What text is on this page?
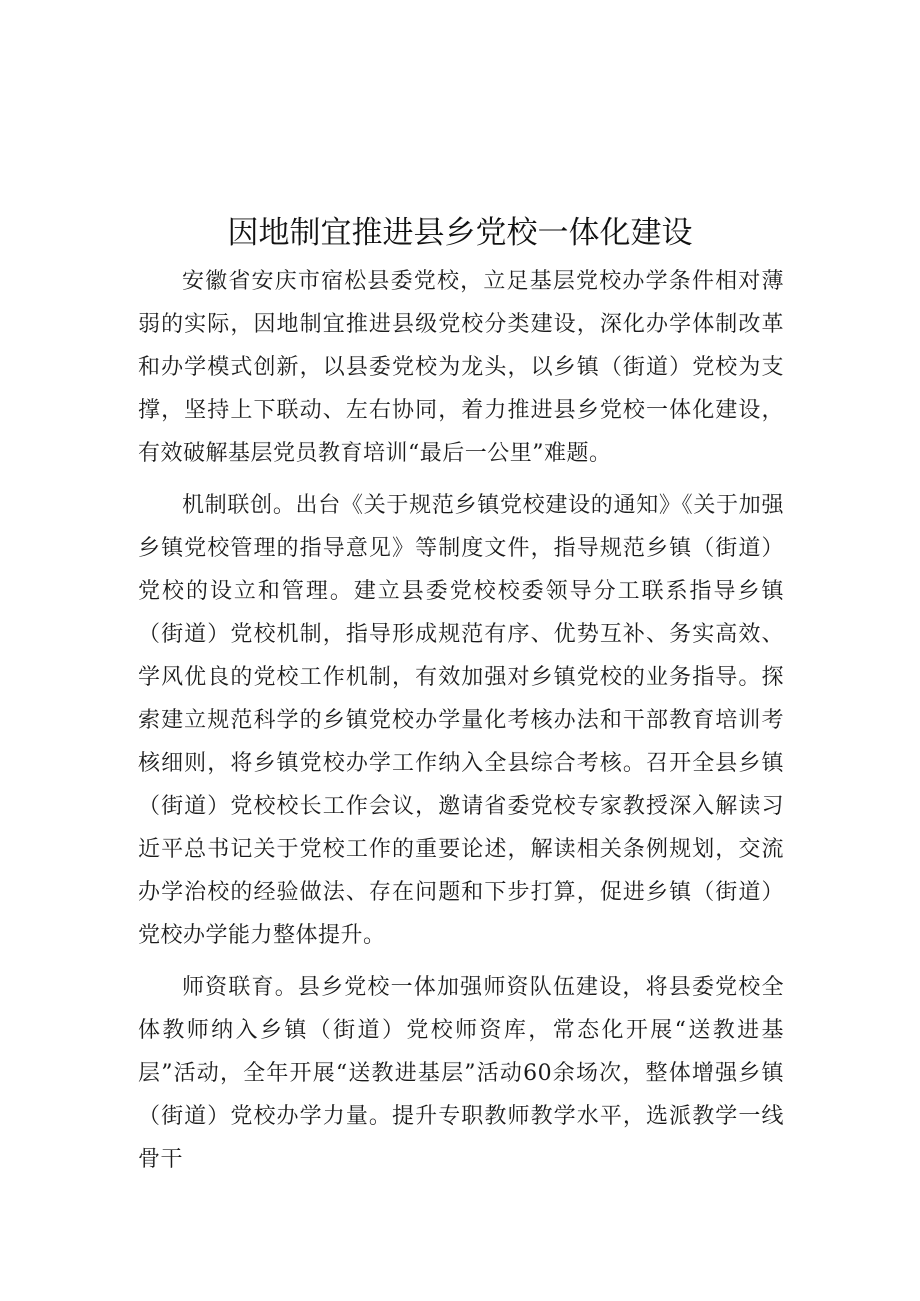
因地制宜推进县乡党校一体化建设

安徽省安庆市宿松县委党校，立足基层党校办学条件相对薄弱的实际，因地制宜推进县级党校分类建设，深化办学体制改革和办学模式创新，以县委党校为龙头，以乡镇（街道）党校为支撑，坚持上下联动、左右协同，着力推进县乡党校一体化建设，有效破解基层党员教育培训“最后一公里”难题。

机制联创。出台《关于规范乡镇党校建设的通知》《关于加强乡镇党校管理的指导意见》等制度文件，指导规范乡镇（街道）党校的设立和管理。建立县委党校校委领导分工联系指导乡镇（街道）党校机制，指导形成规范有序、优势互补、务实高效、学风优良的党校工作机制，有效加强对乡镇党校的业务指导。探索建立规范科学的乡镇党校办学量化考核办法和干部教育培训考核细则，将乡镇党校办学工作纳入全县综合考核。召开全县乡镇（街道）党校校长工作会议，邀请省委党校专家教授深入解读习近平总书记关于党校工作的重要论述，解读相关条例规划，交流办学治校的经验做法、存在问题和下步打算，促进乡镇（街道）党校办学能力整体提升。

师资联育。县乡党校一体加强师资队伍建设，将县委党校全体教师纳入乡镇（街道）党校师资库，常态化开展“送教进基层”活动，全年开展“送教进基层”活动60余场次，整体增强乡镇（街道）党校办学力量。提升专职教师教学水平，选派教学一线骨干
